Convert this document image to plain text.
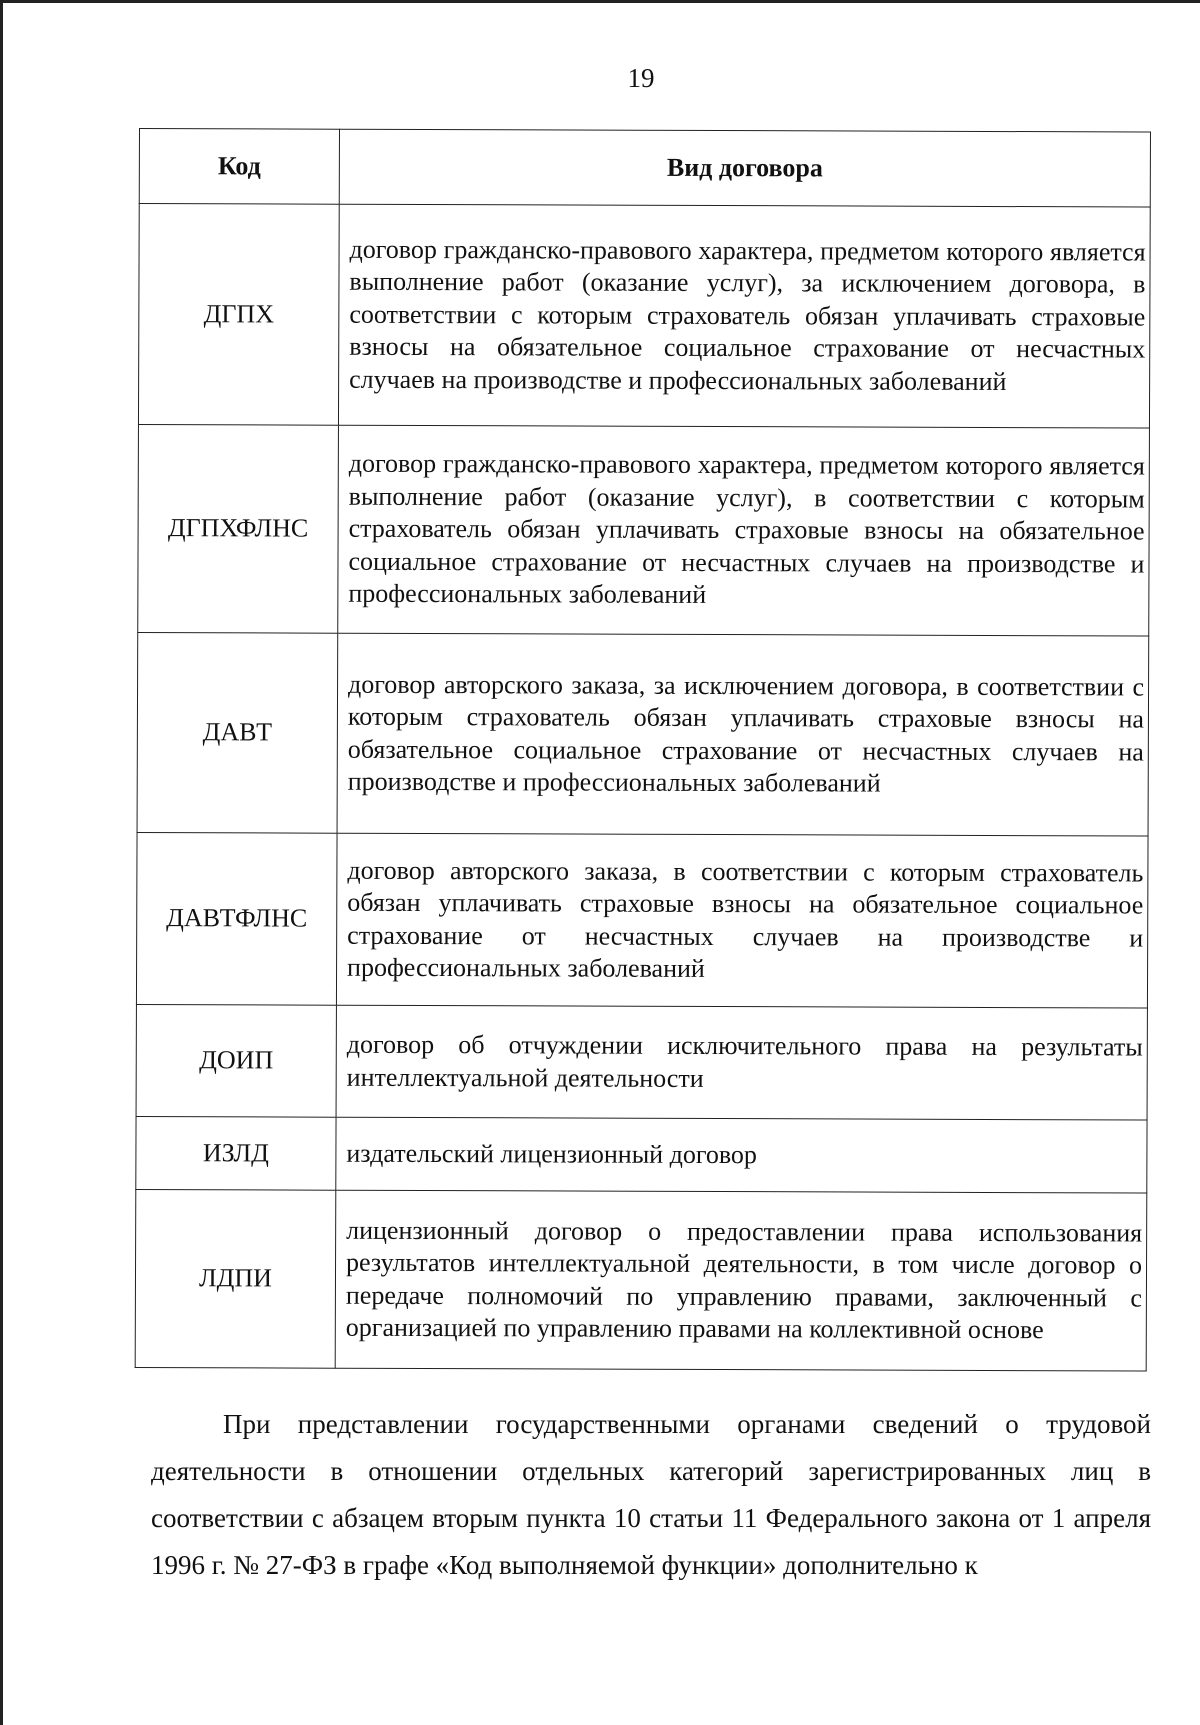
19
Код	Вид договора
ДГПХ	договор гражданско-правового характера, предметом которого является выполнение работ (оказание услуг), за исключением договора, в соответствии с которым страхователь обязан уплачивать страховые взносы на обязательное социальное страхование от несчастных случаев на производстве и профессиональных заболеваний
ДГПХФЛНС	договор гражданско-правового характера, предметом которого является выполнение работ (оказание услуг), в соответствии с которым страхователь обязан уплачивать страховые взносы на обязательное социальное страхование от несчастных случаев на производстве и профессиональных заболеваний
ДАВТ	договор авторского заказа, за исключением договора, в соответствии с которым страхователь обязан уплачивать страховые взносы на обязательное социальное страхование от несчастных случаев на производстве и профессиональных заболеваний
ДАВТФЛНС	договор авторского заказа, в соответствии с которым страхователь обязан уплачивать страховые взносы на обязательное социальное страхование от несчастных случаев на производстве и профессиональных заболеваний
ДОИП	договор об отчуждении исключительного права на результаты интеллектуальной деятельности
ИЗЛД	издательский лицензионный договор
ЛДПИ	лицензионный договор о предоставлении права использования результатов интеллектуальной деятельности, в том числе договор о передаче полномочий по управлению правами, заключенный с организацией по управлению правами на коллективной основе
При представлении государственными органами сведений о трудовой деятельности в отношении отдельных категорий зарегистрированных лиц в соответствии с абзацем вторым пункта 10 статьи 11 Федерального закона от 1 апреля 1996 г. № 27-ФЗ в графе «Код выполняемой функции» дополнительно к
